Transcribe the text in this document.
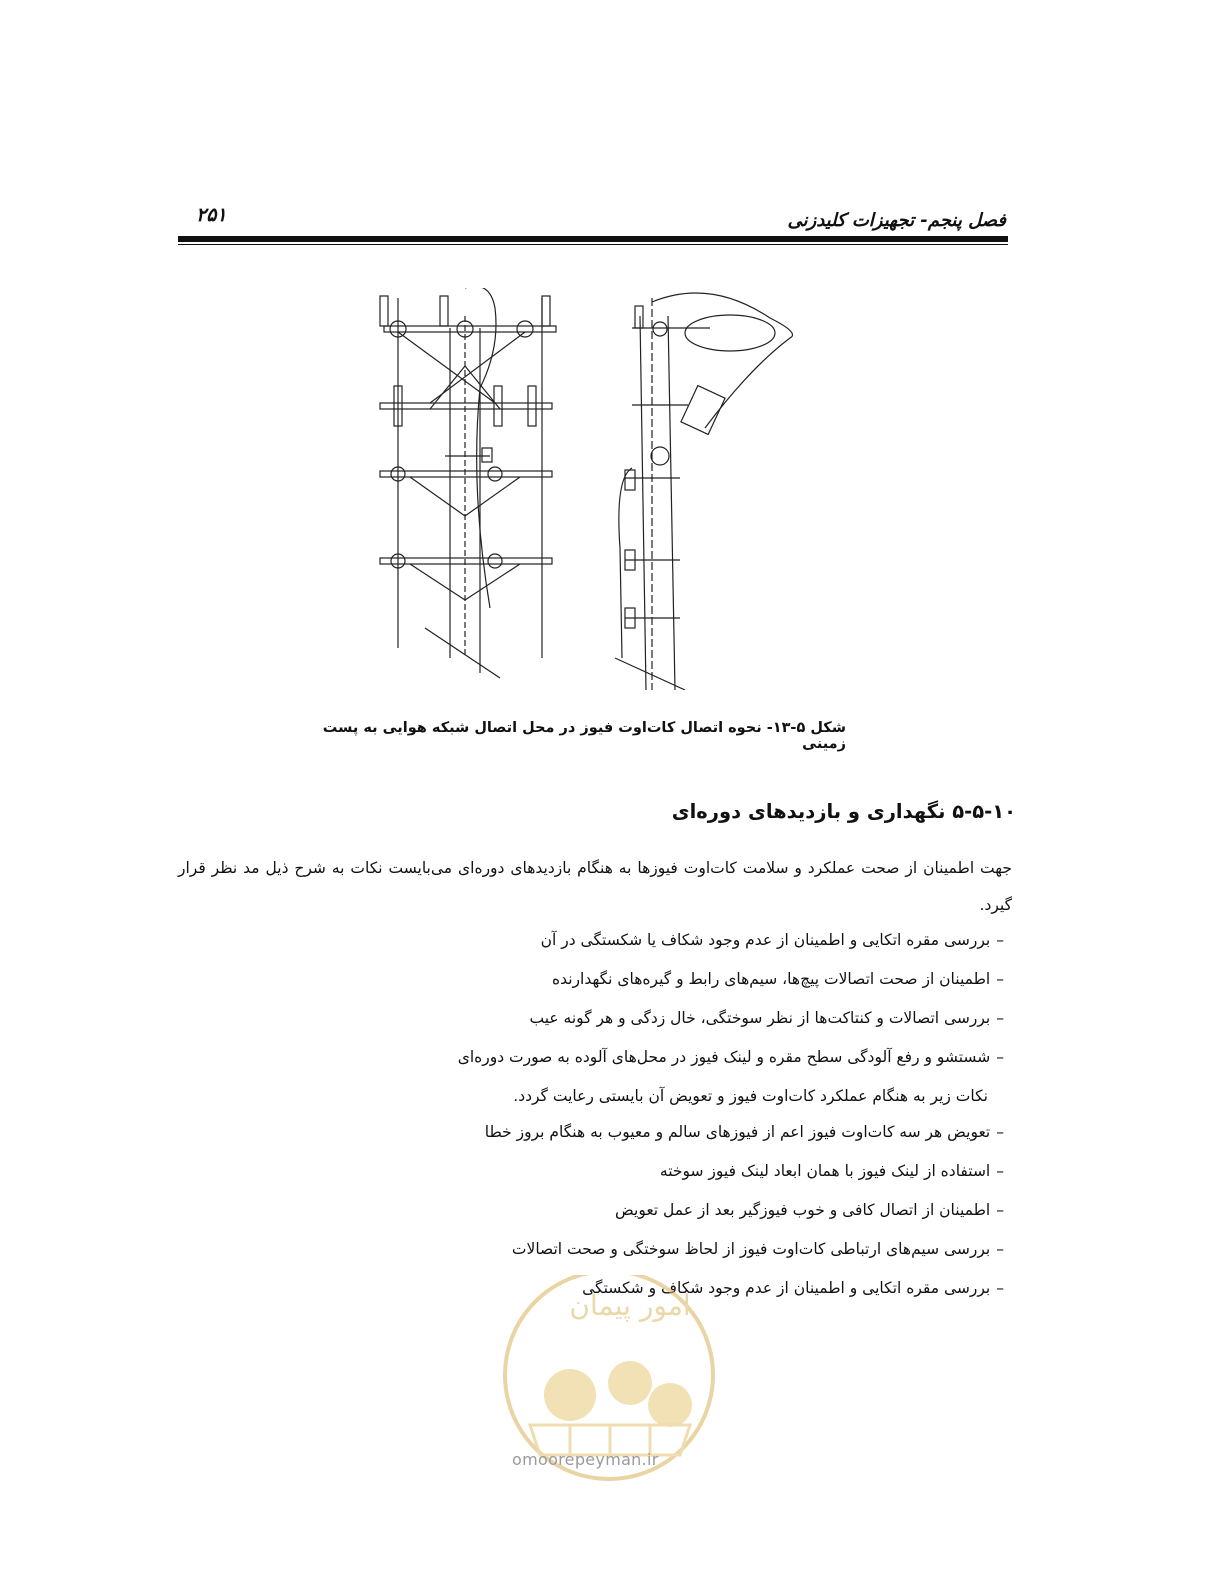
فصل پنجم- تجهیزات کلیدزنی
۲۵۱
شکل ۵-۱۳- نحوه اتصال کات‌اوت فیوز در محل اتصال شبکه هوایی به پست زمینی
۵-۵-۱۰ نگهداری و بازدیدهای دوره‌ای
جهت اطمینان از صحت عملکرد و سلامت کات‌اوت فیوزها به هنگام بازدیدهای دوره‌ای می‌بایست نکات به شرح ذیل مد نظر قرار گیرد.
–بررسی مقره اتکایی و اطمینان از عدم وجود شکاف یا شکستگی در آن
–اطمینان از صحت اتصالات پیچ‌ها، سیم‌های رابط و گیره‌های نگهدارنده
–بررسی اتصالات و کنتاکت‌ها از نظر سوختگی، خال زدگی و هر گونه عیب
–شستشو و رفع آلودگی سطح مقره و لینک فیوز در محل‌های آلوده به صورت دوره‌ای
نکات زیر به هنگام عملکرد کات‌اوت فیوز و تعویض آن بایستی رعایت گردد.
–تعویض هر سه کات‌اوت فیوز اعم از فیوزهای سالم و معیوب به هنگام بروز خطا
–استفاده از لینک فیوز با همان ابعاد لینک فیوز سوخته
–اطمینان از اتصال کافی و خوب فیوزگیر بعد از عمل تعویض
–بررسی سیم‌های ارتباطی کات‌اوت فیوز از لحاظ سوختگی و صحت اتصالات
–بررسی مقره اتکایی و اطمینان از عدم وجود شکاف و شکستگی
امور پیمان
omoorepeyman.ir
